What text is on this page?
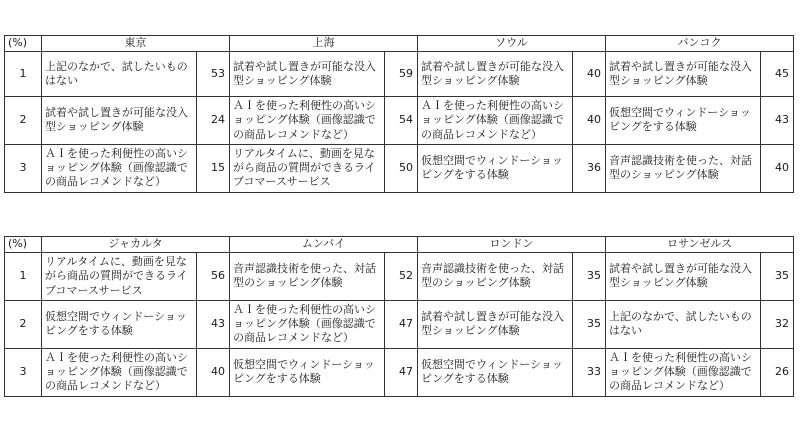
(%)	東京		上海		ソウル		バンコク	
1	上記のなかで、試したいものはない	53	試着や試し置きが可能な没入型ショッピング体験	59	試着や試し置きが可能な没入型ショッピング体験	40	試着や試し置きが可能な没入型ショッピング体験	45
2	試着や試し置きが可能な没入型ショッピング体験	24	ＡＩを使った利便性の高いショッピング体験（画像認識での商品レコメンドなど）	54	ＡＩを使った利便性の高いショッピング体験（画像認識での商品レコメンドなど）	40	仮想空間でウィンドーショッピングをする体験	43
3	ＡＩを使った利便性の高いショッピング体験（画像認識での商品レコメンドなど）	15	リアルタイムに、動画を見ながら商品の質問ができるライブコマースサービス	50	仮想空間でウィンドーショッピングをする体験	36	音声認識技術を使った、対話型のショッピング体験	40
(%)	ジャカルタ		ムンバイ		ロンドン		ロサンゼルス	
1	リアルタイムに、動画を見ながら商品の質問ができるライブコマースサービス	56	音声認識技術を使った、対話型のショッピング体験	52	音声認識技術を使った、対話型のショッピング体験	35	試着や試し置きが可能な没入型ショッピング体験	35
2	仮想空間でウィンドーショッピングをする体験	43	ＡＩを使った利便性の高いショッピング体験（画像認識での商品レコメンドなど）	47	試着や試し置きが可能な没入型ショッピング体験	35	上記のなかで、試したいものはない	32
3	ＡＩを使った利便性の高いショッピング体験（画像認識での商品レコメンドなど）	40	仮想空間でウィンドーショッピングをする体験	47	仮想空間でウィンドーショッピングをする体験	33	ＡＩを使った利便性の高いショッピング体験（画像認識での商品レコメンドなど）	26
